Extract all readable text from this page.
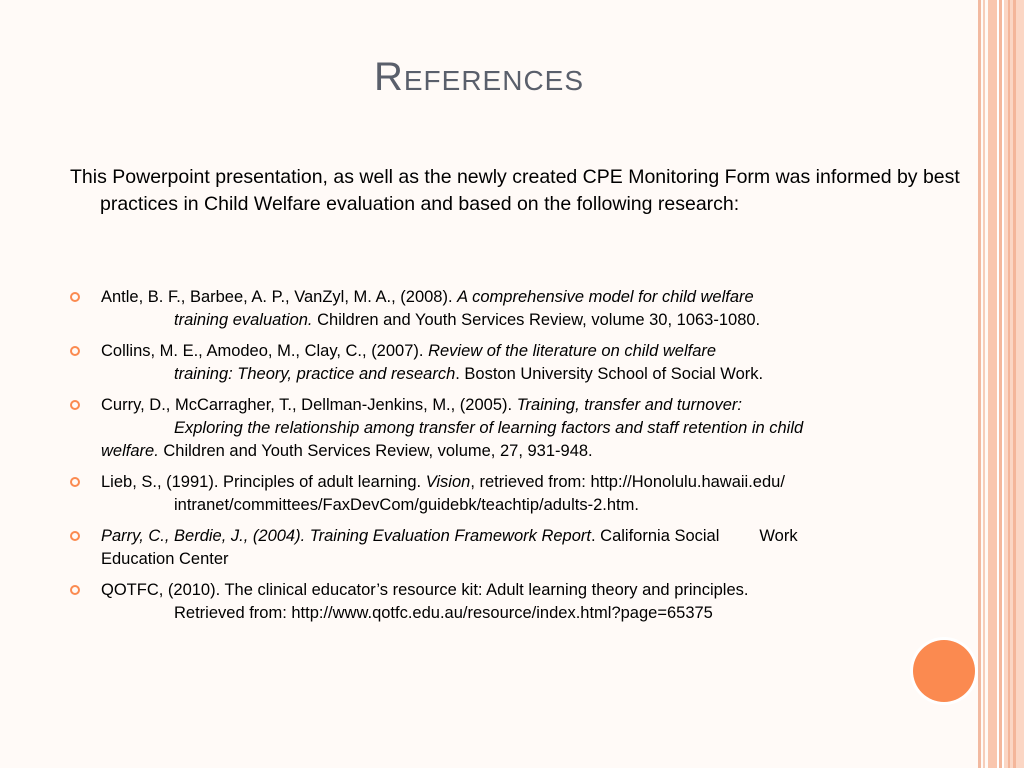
References
This Powerpoint presentation, as well as the newly created CPE Monitoring Form was informed by best practices in Child Welfare evaluation and based on the following research:
Antle, B. F., Barbee, A. P., VanZyl, M. A., (2008). A comprehensive model for child welfare
training evaluation. Children and Youth Services Review, volume 30, 1063-1080.
Collins, M. E., Amodeo, M., Clay, C., (2007). Review of the literature on child welfare
training: Theory, practice and research. Boston University School of Social Work.
Curry, D., McCarragher, T., Dellman-Jenkins, M., (2005). Training, transfer and turnover:
Exploring the relationship among transfer of learning factors and staff retention in child
welfare. Children and Youth Services Review, volume, 27, 931-948.
Lieb, S., (1991). Principles of adult learning. Vision, retrieved from: http://Honolulu.hawaii.edu/
intranet/committees/FaxDevCom/guidebk/teachtip/adults-2.htm.
Parry, C., Berdie, J., (2004). Training Evaluation Framework Report. California Social Work
Education Center
QOTFC, (2010). The clinical educator’s resource kit: Adult learning theory and principles.
Retrieved from: http://www.qotfc.edu.au/resource/index.html?page=65375
